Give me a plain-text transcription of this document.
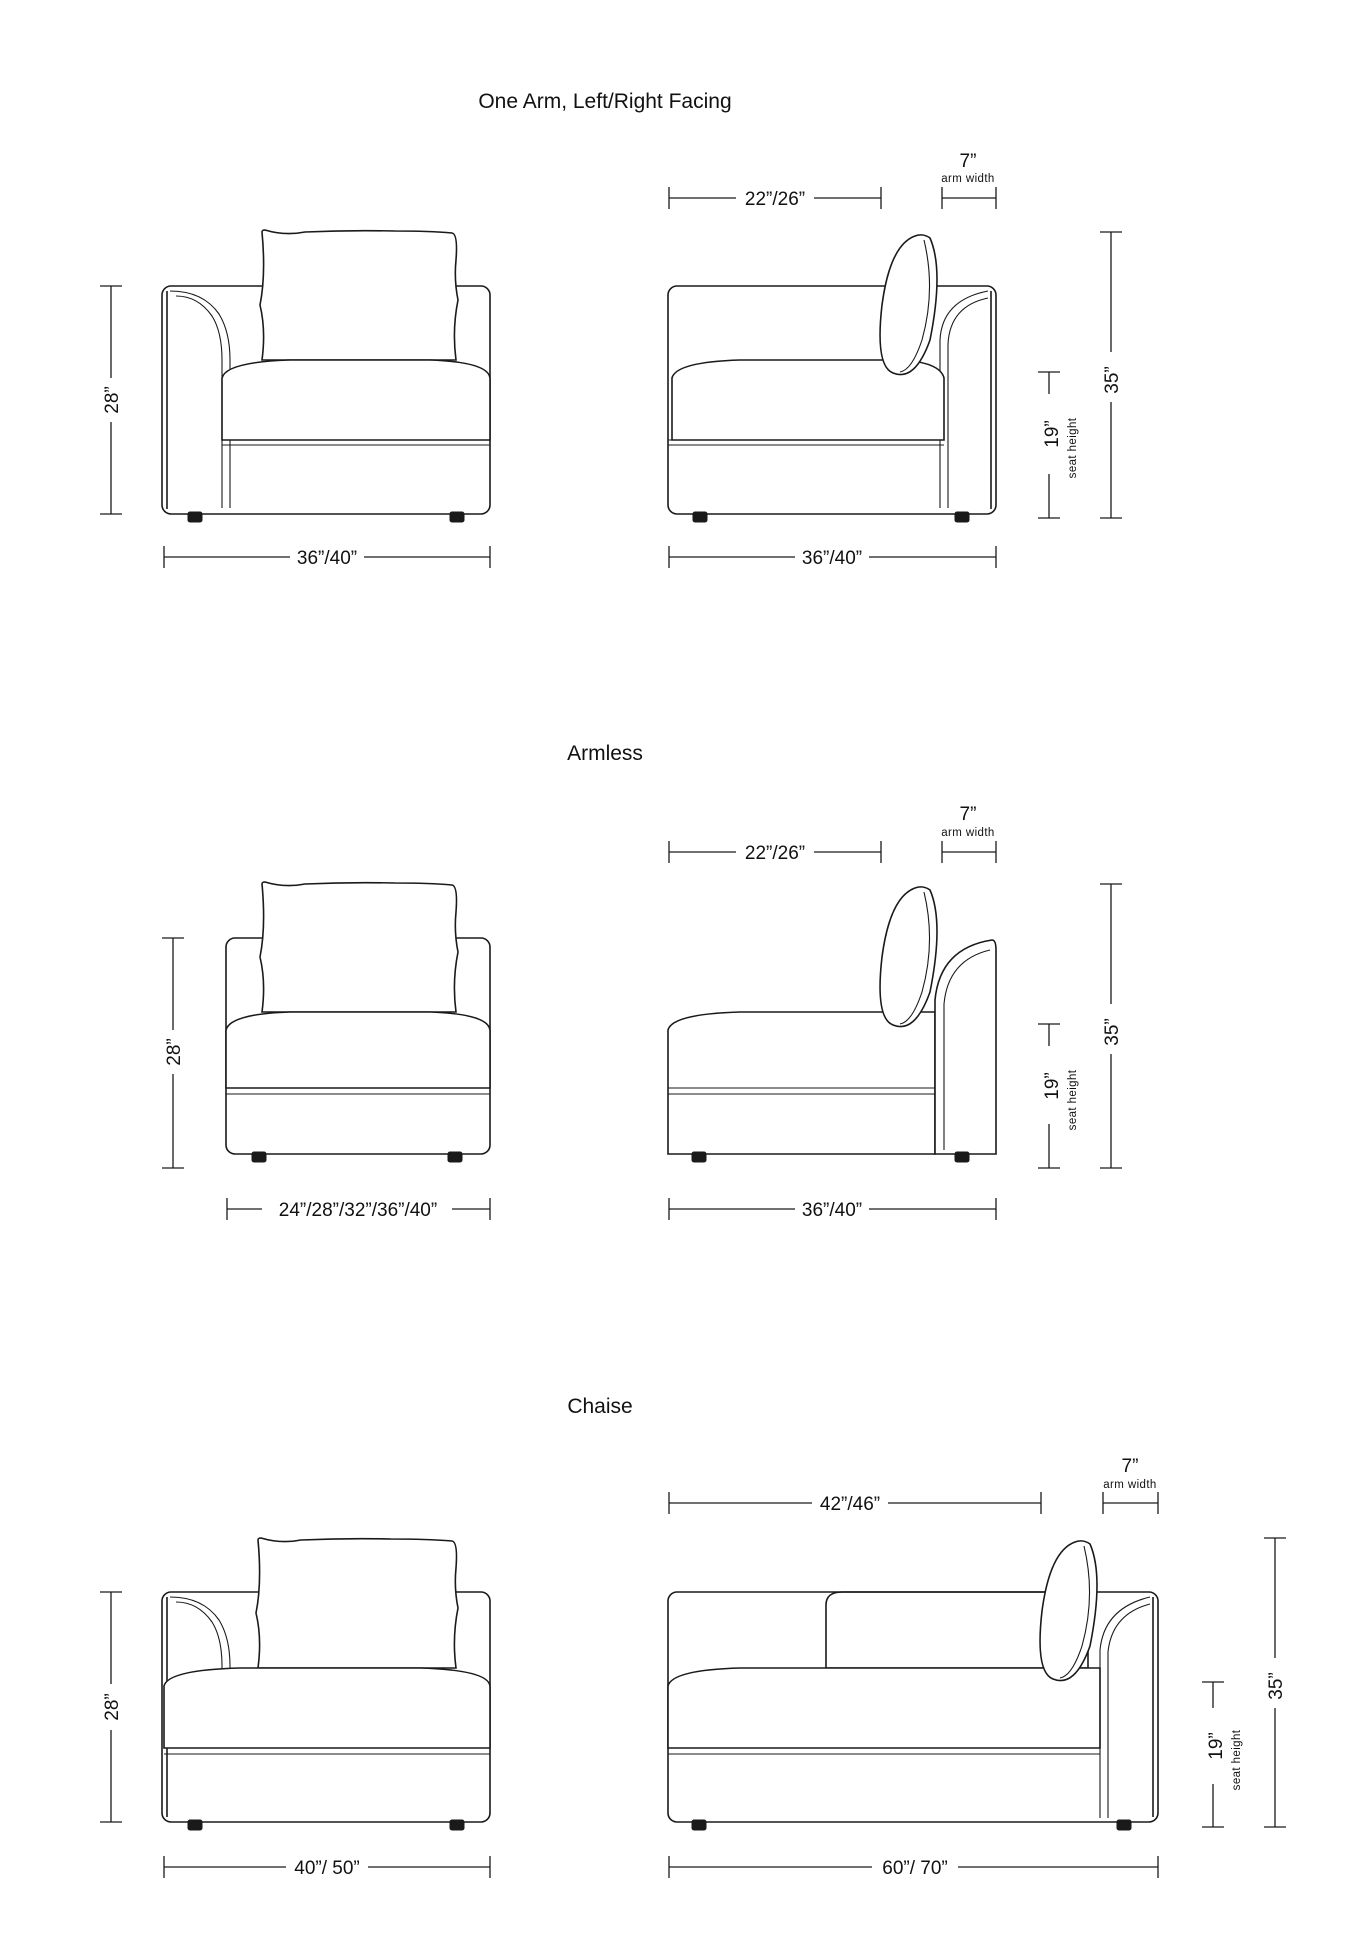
One Arm, Left/Right Facing
28”
36”/40”
22”/26”
7”
arm width
36”/40”
19” seat height
35”
Armless
28”
24”/28”/32”/36”/40”
22”/26”
7”
arm width
36”/40”
19” seat height
35”
Chaise
28”
40”/ 50”
42”/46”
7”
arm width
60”/ 70”
19” seat height
35”
